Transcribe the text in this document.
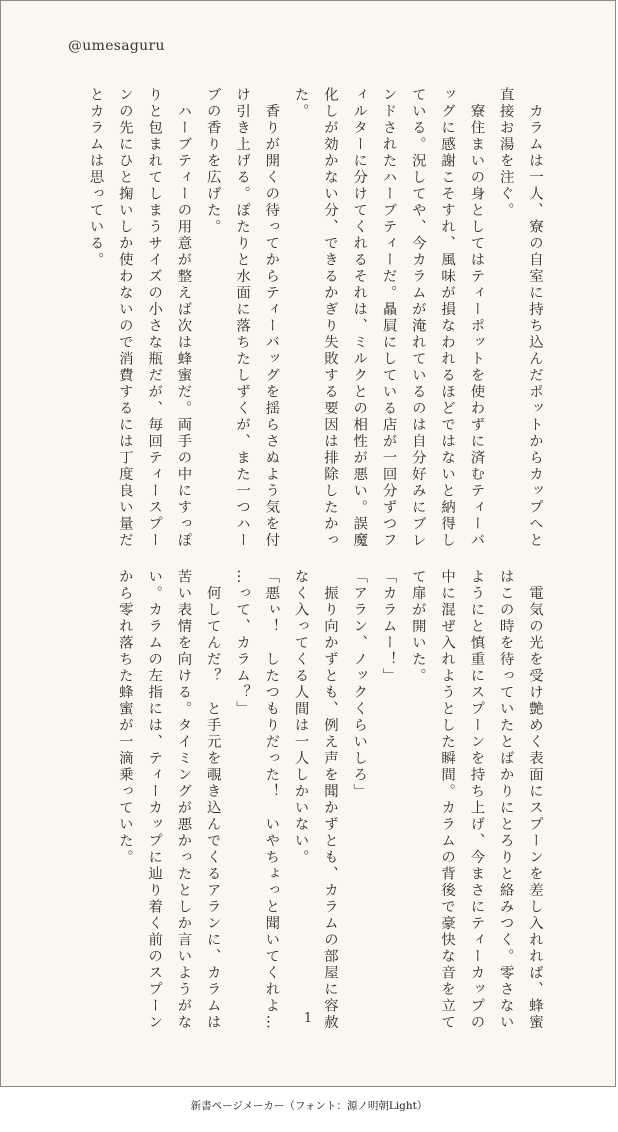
@umesaguru

　カラムは一人、寮の自室に持ち込んだポットからカップへと
直接お湯を注ぐ。

　寮住まいの身としてはティーポットを使わずに済むティーバ
ッグに感謝こそすれ、風味が損なわれるほどではないと納得し
ている。況してや、今カラムが淹れているのは自分好みにブレ
ンドされたハーブティーだ。贔屓にしている店が一回分ずつフ
ィルターに分けてくれるそれは、ミルクとの相性が悪い。誤魔
化しが効かない分、できるかぎり失敗する要因は排除したかっ
た。

　香りが開くの待ってからティーバッグを揺らさぬよう気を付
け引き上げる。ぽたりと水面に落ちたしずくが、また一つハー
ブの香りを広げた。

　ハーブティーの用意が整えば次は蜂蜜だ。両手の中にすっぽ
りと包まれてしまうサイズの小さな瓶だが、毎回ティースプー
ンの先にひと掬いしか使わないので消費するには丁度良い量だ
とカラムは思っている。

　電気の光を受け艶めく表面にスプーンを差し入れれば、蜂蜜
はこの時を待っていたとばかりにとろりと絡みつく。零さない
ようにと慎重にスプーンを持ち上げ、今まさにティーカップの
中に混ぜ入れようとした瞬間。カラムの背後で豪快な音を立て
て扉が開いた。

「カラムー！」

「アラン、ノックくらいしろ」

　振り向かずとも、例え声を聞かずとも、カラムの部屋に容赦
なく入ってくる人間は一人しかいない。

「悪ぃ！　したつもりだった！　いやちょっと聞いてくれよ…
…って、カラム？」

　何してんだ？　と手元を覗き込んでくるアランに、カラムは
苦い表情を向ける。タイミングが悪かったとしか言いようがな
い。カラムの左指には、ティーカップに辿り着く前のスプーン
から零れ落ちた蜂蜜が一滴乗っていた。

1
新書ページメーカー（フォント：源ノ明朝Light）
